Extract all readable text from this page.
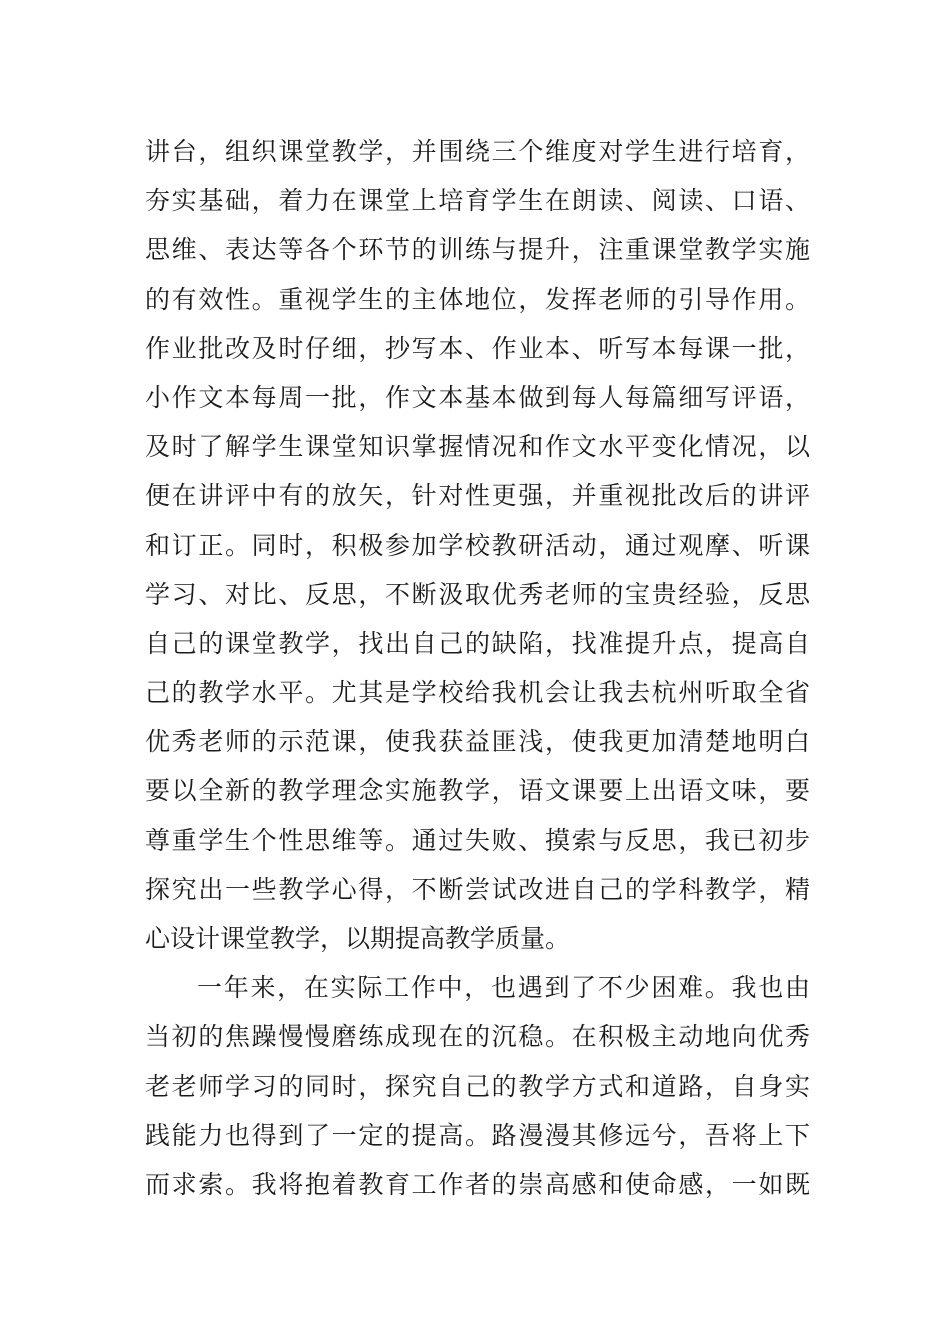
讲台，组织课堂教学，并围绕三个维度对学生进行培育，
夯实基础，着力在课堂上培育学生在朗读、阅读、口语、
思维、表达等各个环节的训练与提升，注重课堂教学实施
的有效性。重视学生的主体地位，发挥老师的引导作用。
作业批改及时仔细，抄写本、作业本、听写本每课一批，
小作文本每周一批，作文本基本做到每人每篇细写评语，
及时了解学生课堂知识掌握情况和作文水平变化情况，以
便在讲评中有的放矢，针对性更强，并重视批改后的讲评
和订正。同时，积极参加学校教研活动，通过观摩、听课
学习、对比、反思，不断汲取优秀老师的宝贵经验，反思
自己的课堂教学，找出自己的缺陷，找准提升点，提高自
己的教学水平。尤其是学校给我机会让我去杭州听取全省
优秀老师的示范课，使我获益匪浅，使我更加清楚地明白
要以全新的教学理念实施教学，语文课要上出语文味，要
尊重学生个性思维等。通过失败、摸索与反思，我已初步
探究出一些教学心得，不断尝试改进自己的学科教学，精
心设计课堂教学，以期提高教学质量。
一年来，在实际工作中，也遇到了不少困难。我也由
当初的焦躁慢慢磨练成现在的沉稳。在积极主动地向优秀
老老师学习的同时，探究自己的教学方式和道路，自身实
践能力也得到了一定的提高。路漫漫其修远兮，吾将上下
而求索。我将抱着教育工作者的崇高感和使命感，一如既
